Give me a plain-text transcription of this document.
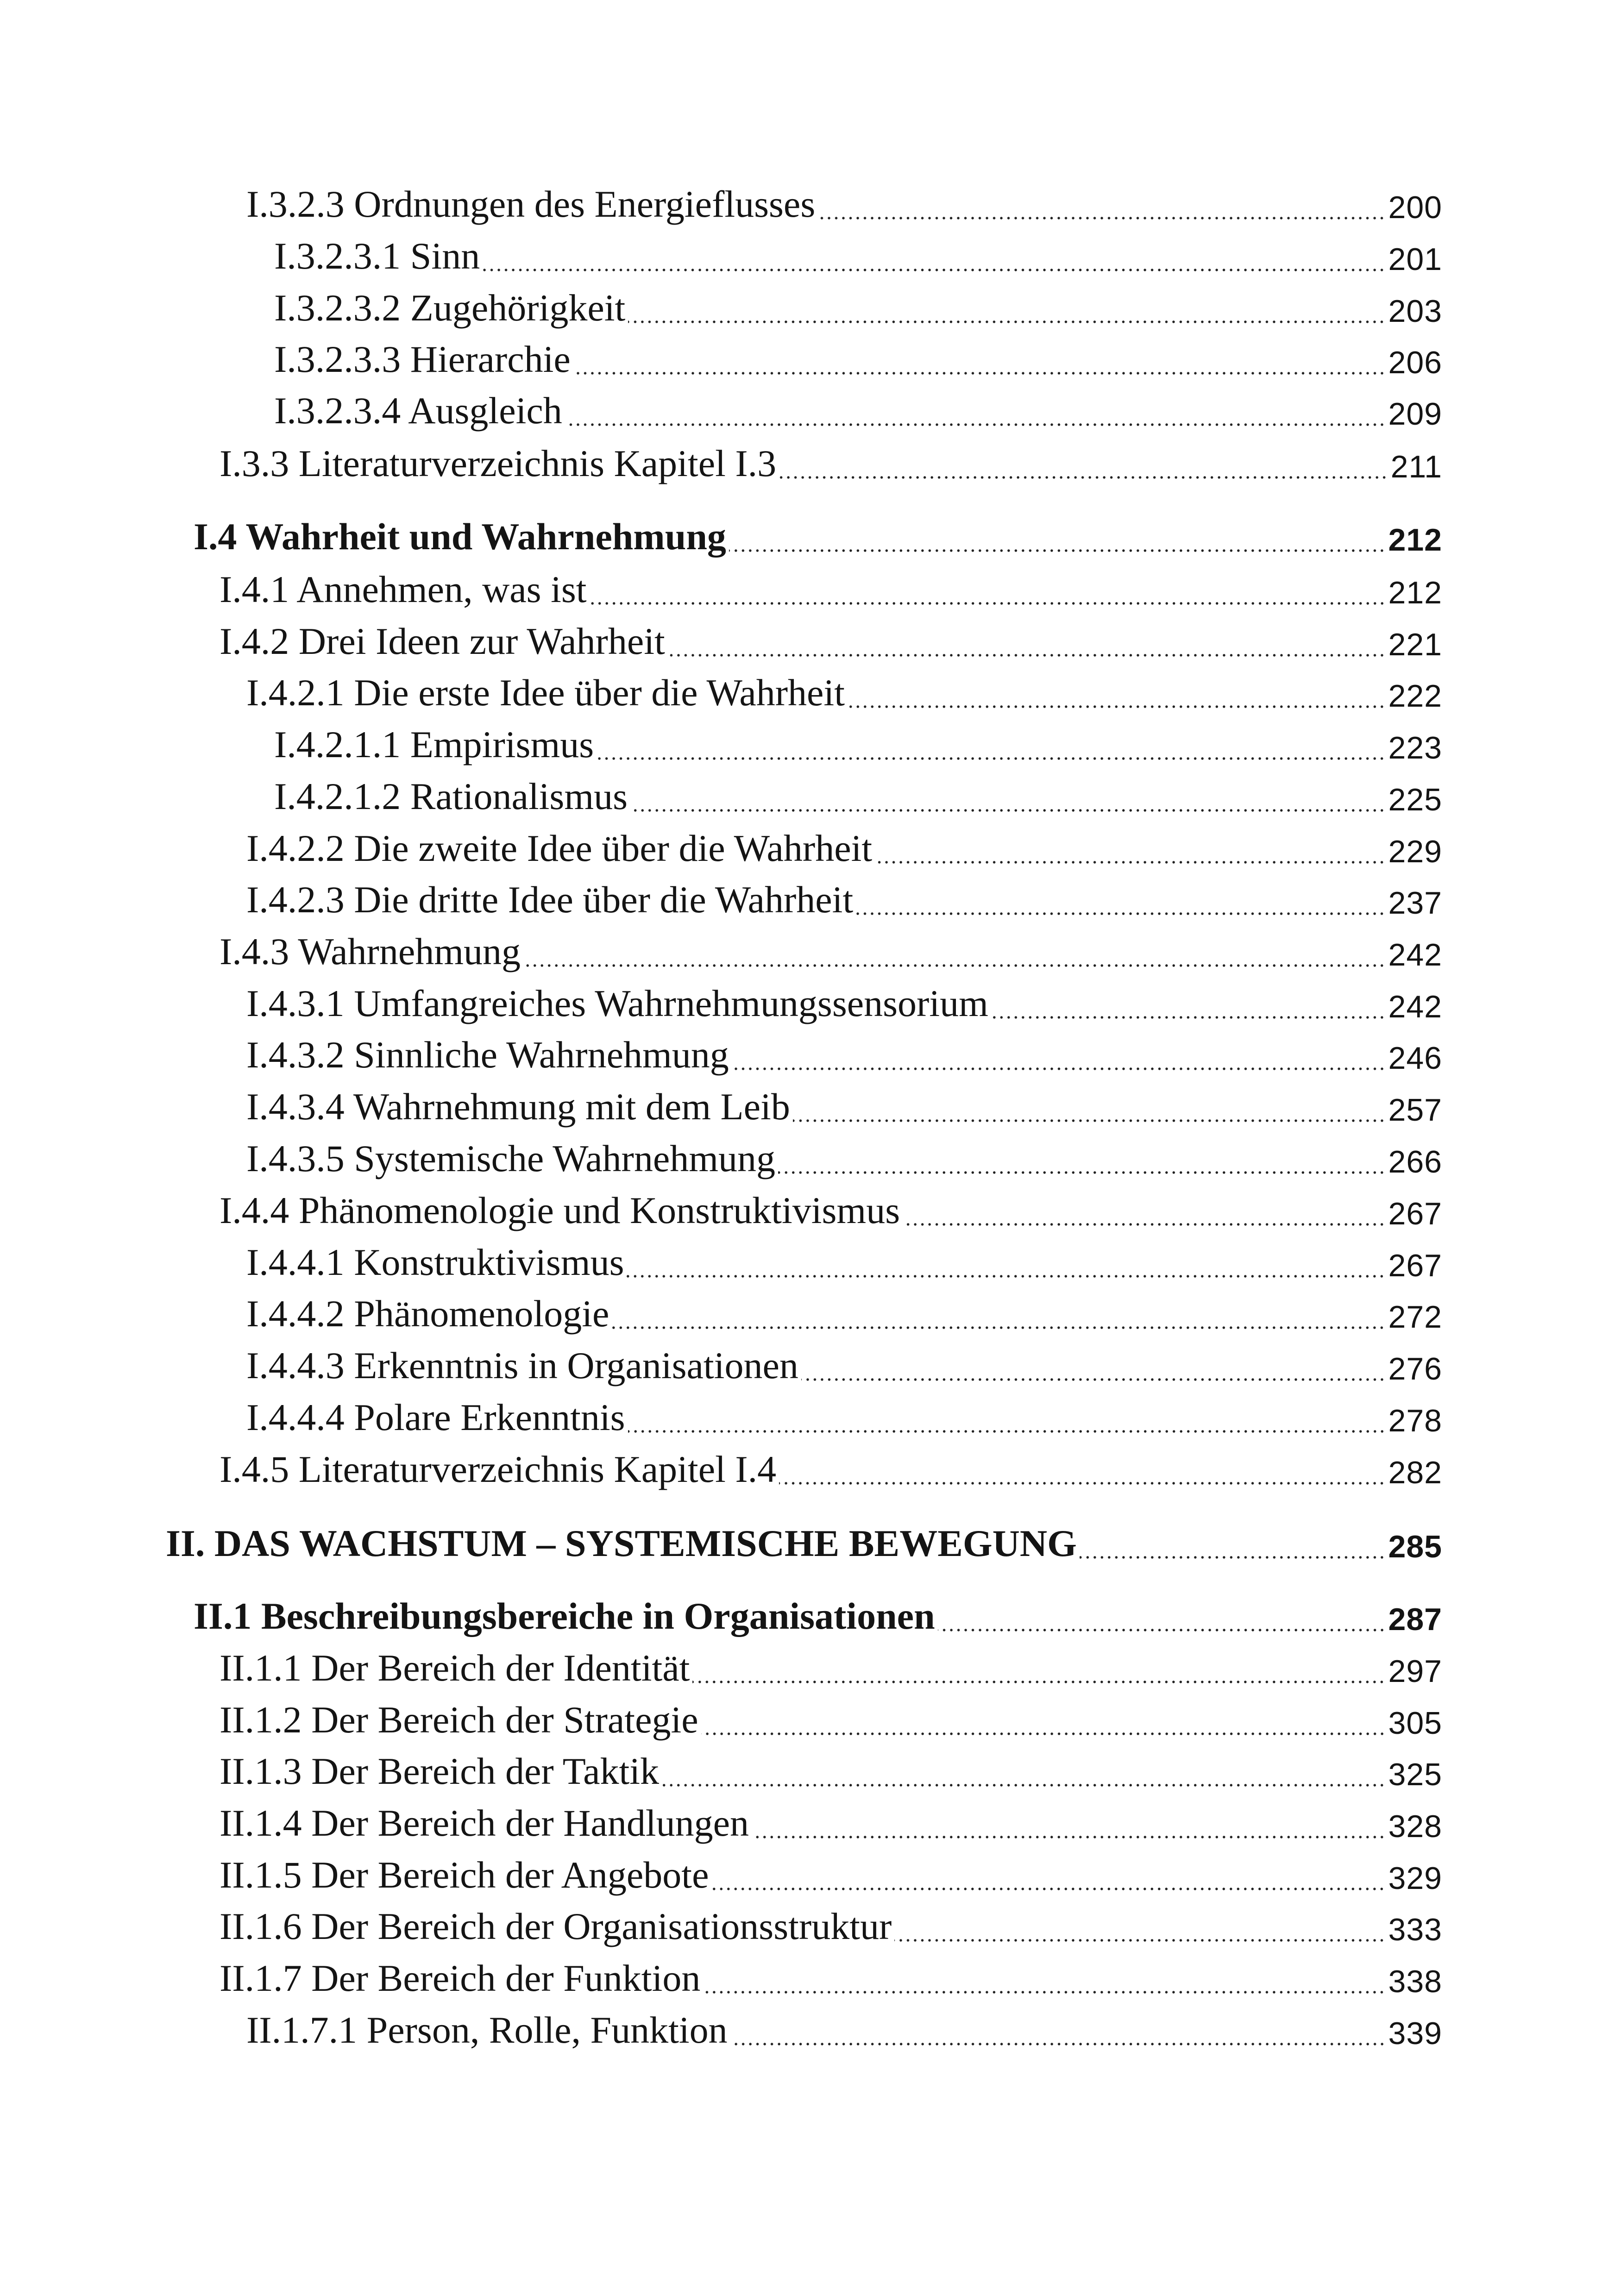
I.3.2.3 Ordnungen des Energieflusses	200
I.3.2.3.1 Sinn	201
I.3.2.3.2 Zugehörigkeit	203
I.3.2.3.3 Hierarchie	206
I.3.2.3.4 Ausgleich	209
I.3.3 Literaturverzeichnis Kapitel I.3	211
I.4 Wahrheit und Wahrnehmung	212
I.4.1 Annehmen, was ist	212
I.4.2 Drei Ideen zur Wahrheit	221
I.4.2.1 Die erste Idee über die Wahrheit	222
I.4.2.1.1 Empirismus	223
I.4.2.1.2 Rationalismus	225
I.4.2.2 Die zweite Idee über die Wahrheit	229
I.4.2.3 Die dritte Idee über die Wahrheit	237
I.4.3 Wahrnehmung	242
I.4.3.1 Umfangreiches Wahrnehmungssensorium	242
I.4.3.2 Sinnliche Wahrnehmung	246
I.4.3.4 Wahrnehmung mit dem Leib	257
I.4.3.5 Systemische Wahrnehmung	266
I.4.4 Phänomenologie und Konstruktivismus	267
I.4.4.1 Konstruktivismus	267
I.4.4.2 Phänomenologie	272
I.4.4.3 Erkenntnis in Organisationen	276
I.4.4.4 Polare Erkenntnis	278
I.4.5 Literaturverzeichnis Kapitel I.4	282
II. DAS WACHSTUM – SYSTEMISCHE BEWEGUNG	285
II.1 Beschreibungsbereiche in Organisationen	287
II.1.1 Der Bereich der Identität	297
II.1.2 Der Bereich der Strategie	305
II.1.3 Der Bereich der Taktik	325
II.1.4 Der Bereich der Handlungen	328
II.1.5 Der Bereich der Angebote	329
II.1.6 Der Bereich der Organisationsstruktur	333
II.1.7 Der Bereich der Funktion	338
II.1.7.1 Person, Rolle, Funktion	339
